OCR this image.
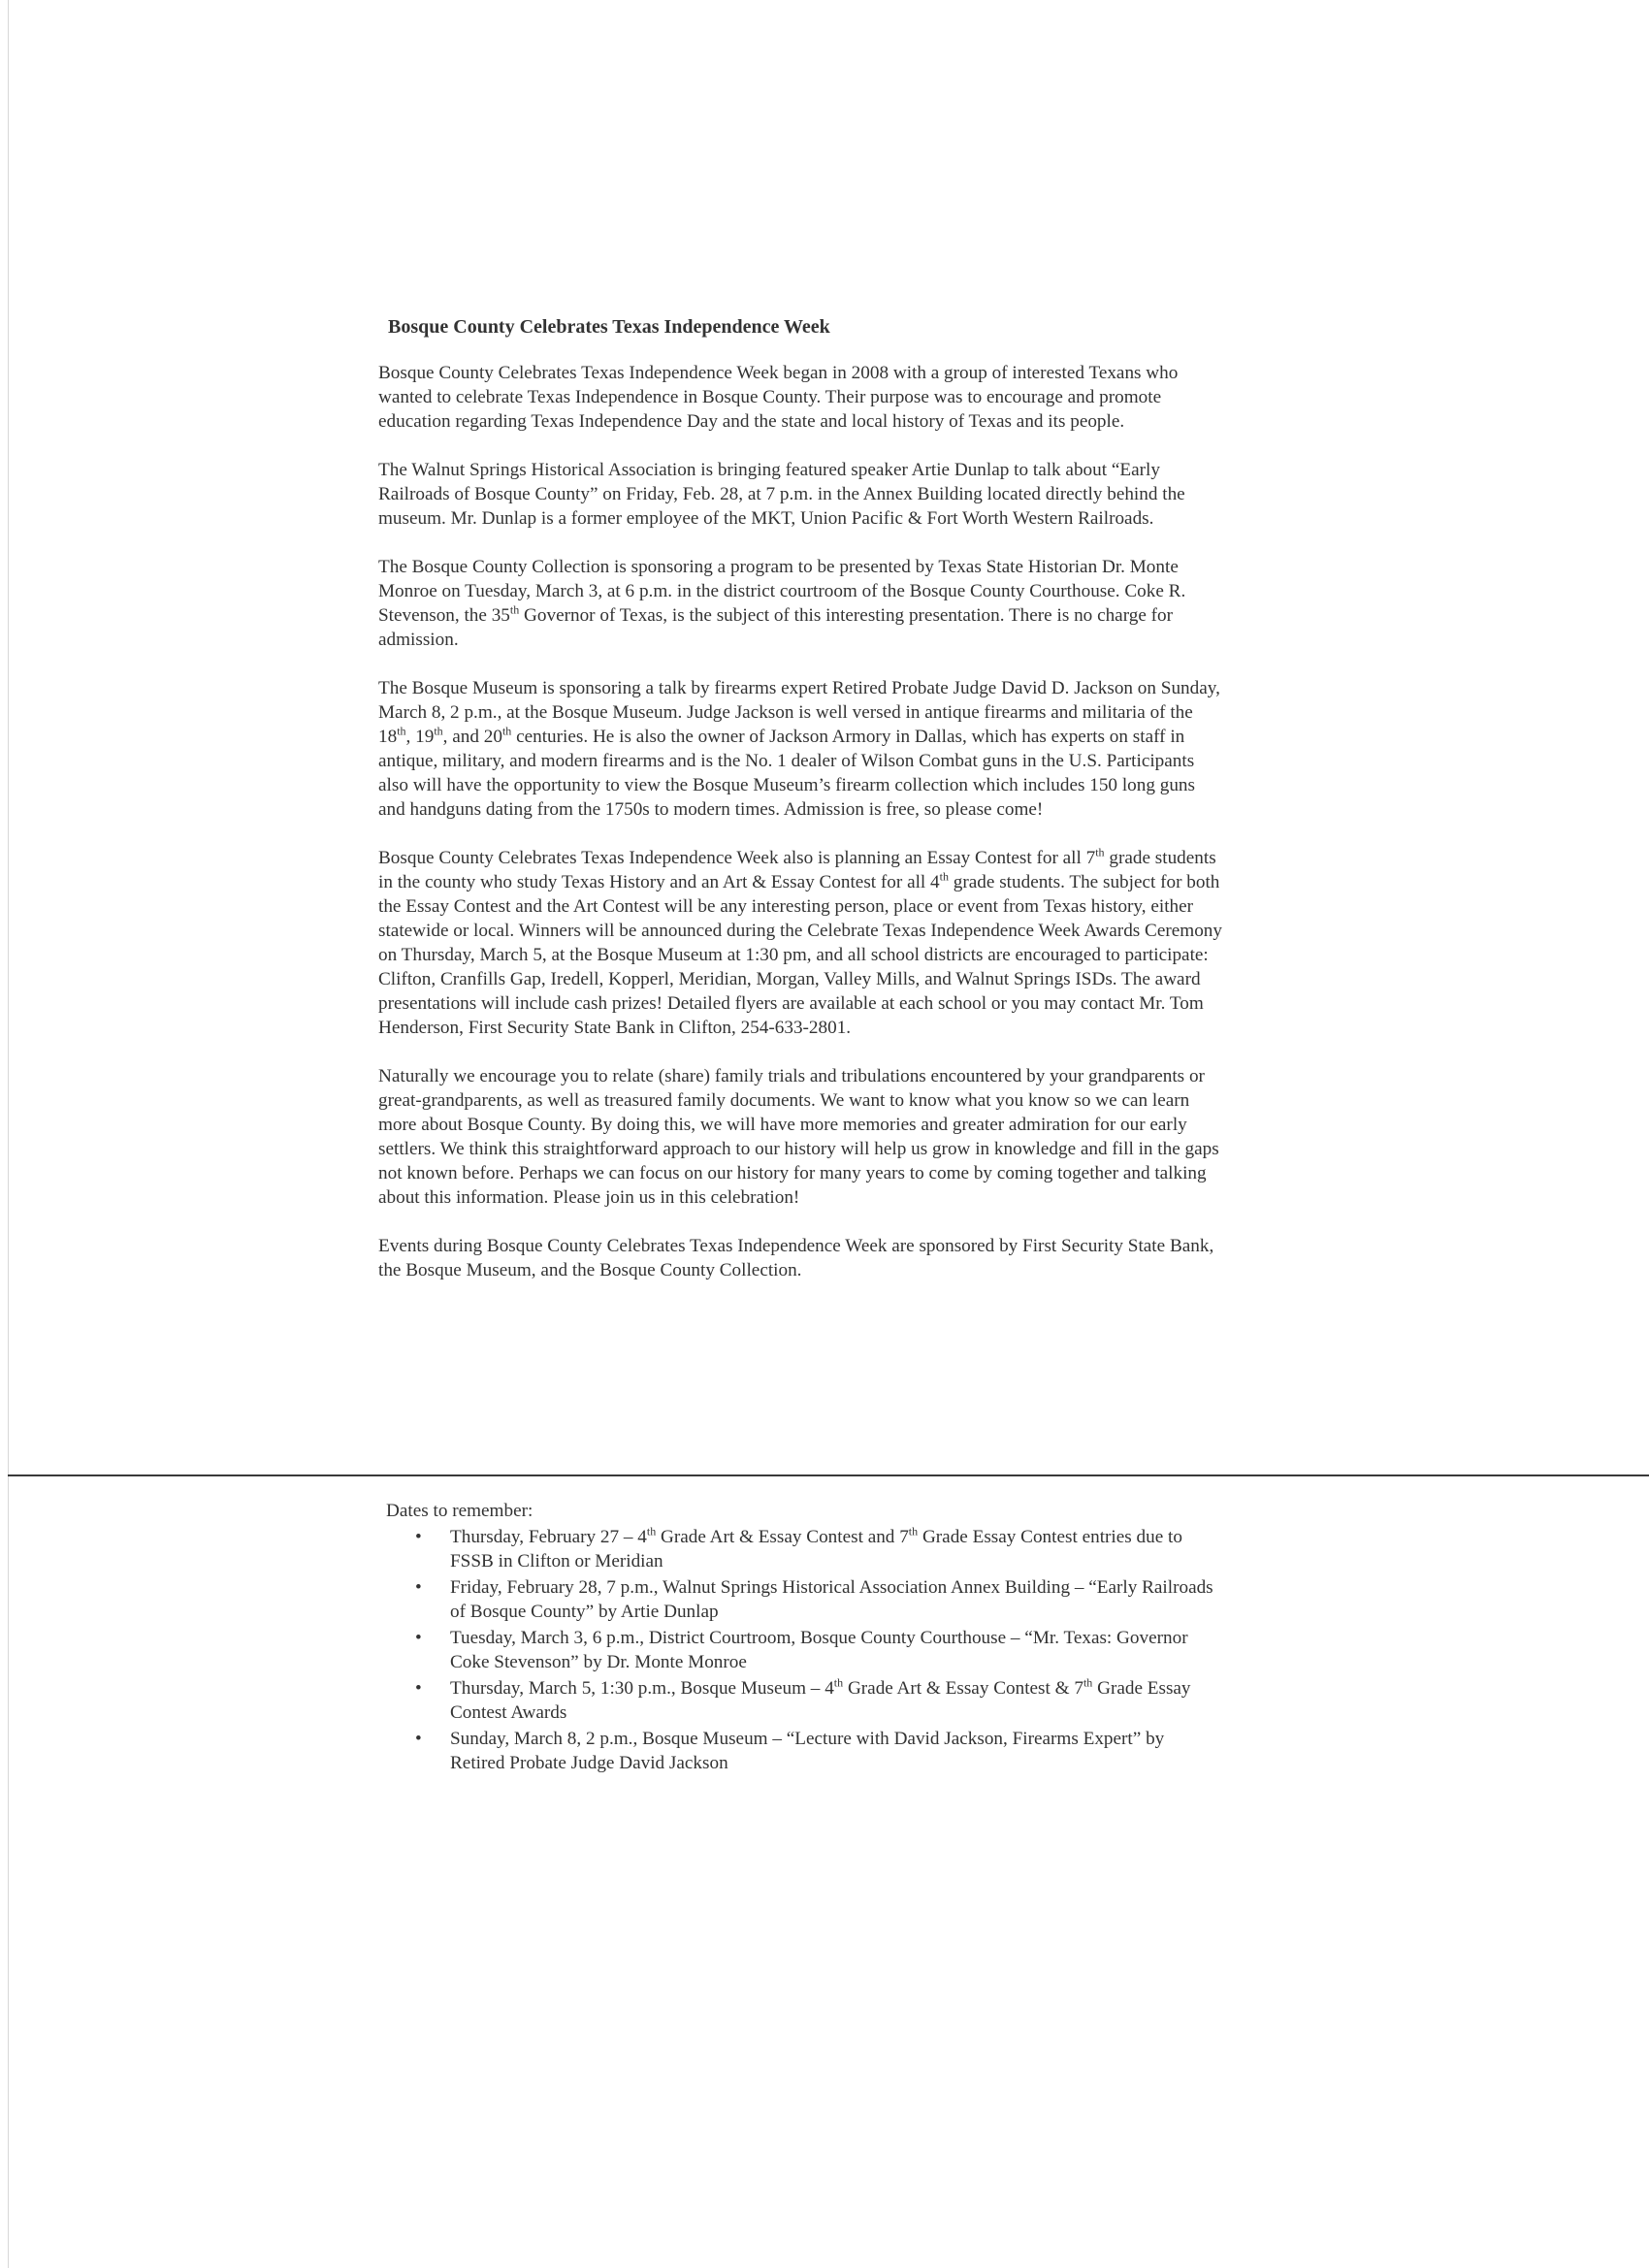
Bosque County Celebrates Texas Independence Week

Bosque County Celebrates Texas Independence Week began in 2008 with a group of interested Texans who wanted to celebrate Texas Independence in Bosque County. Their purpose was to encourage and promote education regarding Texas Independence Day and the state and local history of Texas and its people.

The Walnut Springs Historical Association is bringing featured speaker Artie Dunlap to talk about “Early Railroads of Bosque County” on Friday, Feb. 28, at 7 p.m. in the Annex Building located directly behind the museum. Mr. Dunlap is a former employee of the MKT, Union Pacific & Fort Worth Western Railroads.

The Bosque County Collection is sponsoring a program to be presented by Texas State Historian Dr. Monte Monroe on Tuesday, March 3, at 6 p.m. in the district courtroom of the Bosque County Courthouse. Coke R. Stevenson, the 35th Governor of Texas, is the subject of this interesting presentation. There is no charge for admission.

The Bosque Museum is sponsoring a talk by firearms expert Retired Probate Judge David D. Jackson on Sunday, March 8, 2 p.m., at the Bosque Museum. Judge Jackson is well versed in antique firearms and militaria of the 18th, 19th, and 20th centuries. He is also the owner of Jackson Armory in Dallas, which has experts on staff in antique, military, and modern firearms and is the No. 1 dealer of Wilson Combat guns in the U.S. Participants also will have the opportunity to view the Bosque Museum’s firearm collection which includes 150 long guns and handguns dating from the 1750s to modern times. Admission is free, so please come!

Bosque County Celebrates Texas Independence Week also is planning an Essay Contest for all 7th grade students in the county who study Texas History and an Art & Essay Contest for all 4th grade students. The subject for both the Essay Contest and the Art Contest will be any interesting person, place or event from Texas history, either statewide or local. Winners will be announced during the Celebrate Texas Independence Week Awards Ceremony on Thursday, March 5, at the Bosque Museum at 1:30 pm, and all school districts are encouraged to participate: Clifton, Cranfills Gap, Iredell, Kopperl, Meridian, Morgan, Valley Mills, and Walnut Springs ISDs. The award presentations will include cash prizes! Detailed flyers are available at each school or you may contact Mr. Tom Henderson, First Security State Bank in Clifton, 254-633-2801.

Naturally we encourage you to relate (share) family trials and tribulations encountered by your grandparents or great-grandparents, as well as treasured family documents. We want to know what you know so we can learn more about Bosque County. By doing this, we will have more memories and greater admiration for our early settlers. We think this straightforward approach to our history will help us grow in knowledge and fill in the gaps not known before. Perhaps we can focus on our history for many years to come by coming together and talking about this information. Please join us in this celebration!

Events during Bosque County Celebrates Texas Independence Week are sponsored by First Security State Bank, the Bosque Museum, and the Bosque County Collection.

Dates to remember:
• Thursday, February 27 – 4th Grade Art & Essay Contest and 7th Grade Essay Contest entries due to FSSB in Clifton or Meridian
• Friday, February 28, 7 p.m., Walnut Springs Historical Association Annex Building – “Early Railroads of Bosque County” by Artie Dunlap
• Tuesday, March 3, 6 p.m., District Courtroom, Bosque County Courthouse – “Mr. Texas: Governor Coke Stevenson” by Dr. Monte Monroe
• Thursday, March 5, 1:30 p.m., Bosque Museum – 4th Grade Art & Essay Contest & 7th Grade Essay Contest Awards
• Sunday, March 8, 2 p.m., Bosque Museum – “Lecture with David Jackson, Firearms Expert” by Retired Probate Judge David Jackson
